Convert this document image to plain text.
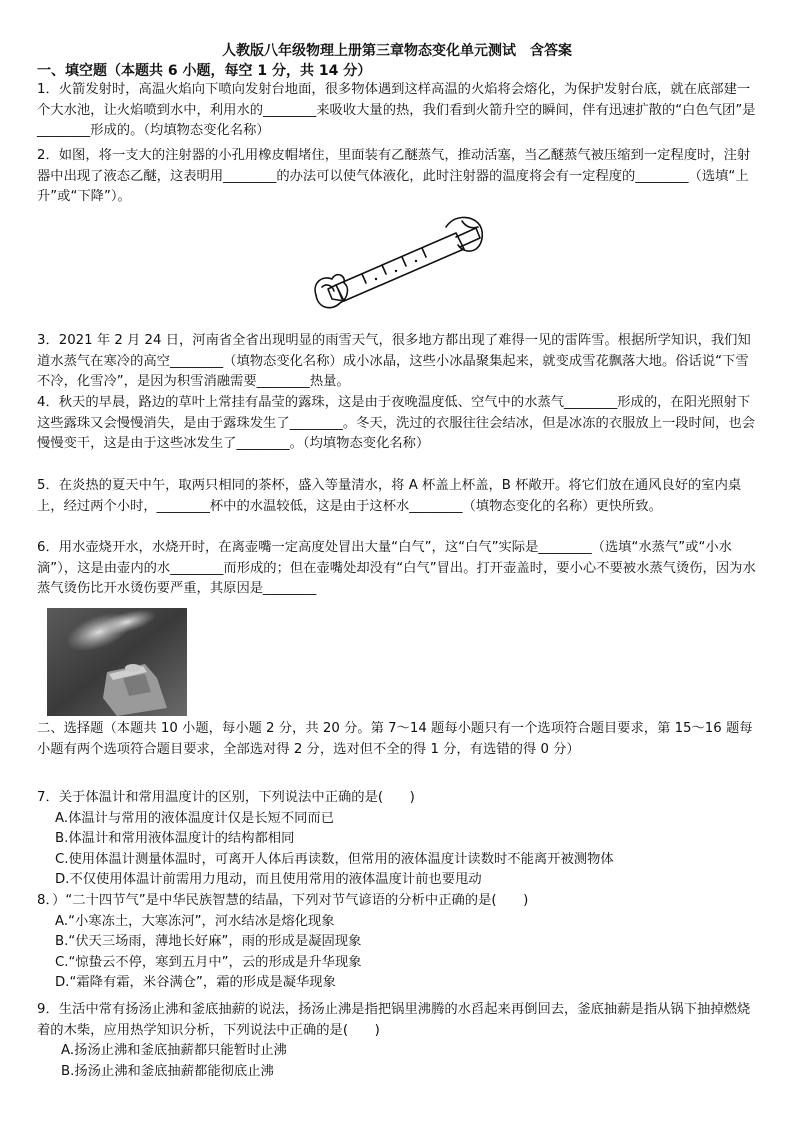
人教版八年级物理上册第三章物态变化单元测试　含答案
一、填空题（本题共 6 小题，每空 1 分，共 14 分）

1．火箭发射时，高温火焰向下喷向发射台地面，很多物体遇到这样高温的火焰将会熔化，为保护发射台底，就在底部建一个大水池，让火焰喷到水中，利用水的________来吸收大量的热，我们看到火箭升空的瞬间，伴有迅速扩散的“白色气团”是________形成的。（均填物态变化名称）

2．如图，将一支大的注射器的小孔用橡皮帽堵住，里面装有乙醚蒸气，推动活塞，当乙醚蒸气被压缩到一定程度时，注射器中出现了液态乙醚，这表明用________的办法可以使气体液化，此时注射器的温度将会有一定程度的________（选填“上升”或“下降”）。

3．2021 年 2 月 24 日，河南省全省出现明显的雨雪天气，很多地方都出现了难得一见的雷阵雪。根据所学知识，我们知道水蒸气在寒冷的高空________（填物态变化名称）成小冰晶，这些小冰晶聚集起来，就变成雪花飘落大地。俗话说“下雪不冷，化雪冷”，是因为积雪消融需要________热量。

4．秋天的早晨，路边的草叶上常挂有晶莹的露珠，这是由于夜晚温度低、空气中的水蒸气________形成的，在阳光照射下这些露珠又会慢慢消失，是由于露珠发生了________。冬天，洗过的衣服往往会结冰，但是冰冻的衣服放上一段时间，也会慢慢变干，这是由于这些冰发生了________。（均填物态变化名称）

5．在炎热的夏天中午，取两只相同的茶杯，盛入等量清水，将 A 杯盖上杯盖，B 杯敞开。将它们放在通风良好的室内桌上，经过两个小时，________杯中的水温较低，这是由于这杯水________（填物态变化的名称）更快所致。

6．用水壶烧开水，水烧开时，在离壶嘴一定高度处冒出大量“白气”，这“白气”实际是________（选填“水蒸气”或“小水滴”），这是由壶内的水________而形成的；但在壶嘴处却没有“白气”冒出。打开壶盖时，要小心不要被水蒸气烫伤，因为水蒸气烫伤比开水烫伤要严重，其原因是________

二、选择题（本题共 10 小题，每小题 2 分，共 20 分。第 7～14 题每小题只有一个选项符合题目要求，第 15～16 题每小题有两个选项符合题目要求，全部选对得 2 分，选对但不全的得 1 分，有选错的得 0 分）

7．关于体温计和常用温度计的区别，下列说法中正确的是(　　)
A.体温计与常用的液体温度计仅是长短不同而已
B.体温计和常用液体温度计的结构都相同
C.使用体温计测量体温时，可离开人体后再读数，但常用的液体温度计读数时不能离开被测物体
D.不仅使用体温计前需用力甩动，而且使用常用的液体温度计前也要甩动
8．）“二十四节气”是中华民族智慧的结晶，下列对节气谚语的分析中正确的是(　　)
A.“小寒冻土，大寒冻河”，河水结冰是熔化现象
B.“伏天三场雨，薄地长好麻”，雨的形成是凝固现象
C.“惊蛰云不停，寒到五月中”，云的形成是升华现象
D.“霜降有霜，米谷满仓”，霜的形成是凝华现象
9．生活中常有扬汤止沸和釜底抽薪的说法，扬汤止沸是指把锅里沸腾的水舀起来再倒回去，釜底抽薪是指从锅下抽掉燃烧着的木柴，应用热学知识分析，下列说法中正确的是(　　)
A.扬汤止沸和釜底抽薪都只能暂时止沸
B.扬汤止沸和釜底抽薪都能彻底止沸
